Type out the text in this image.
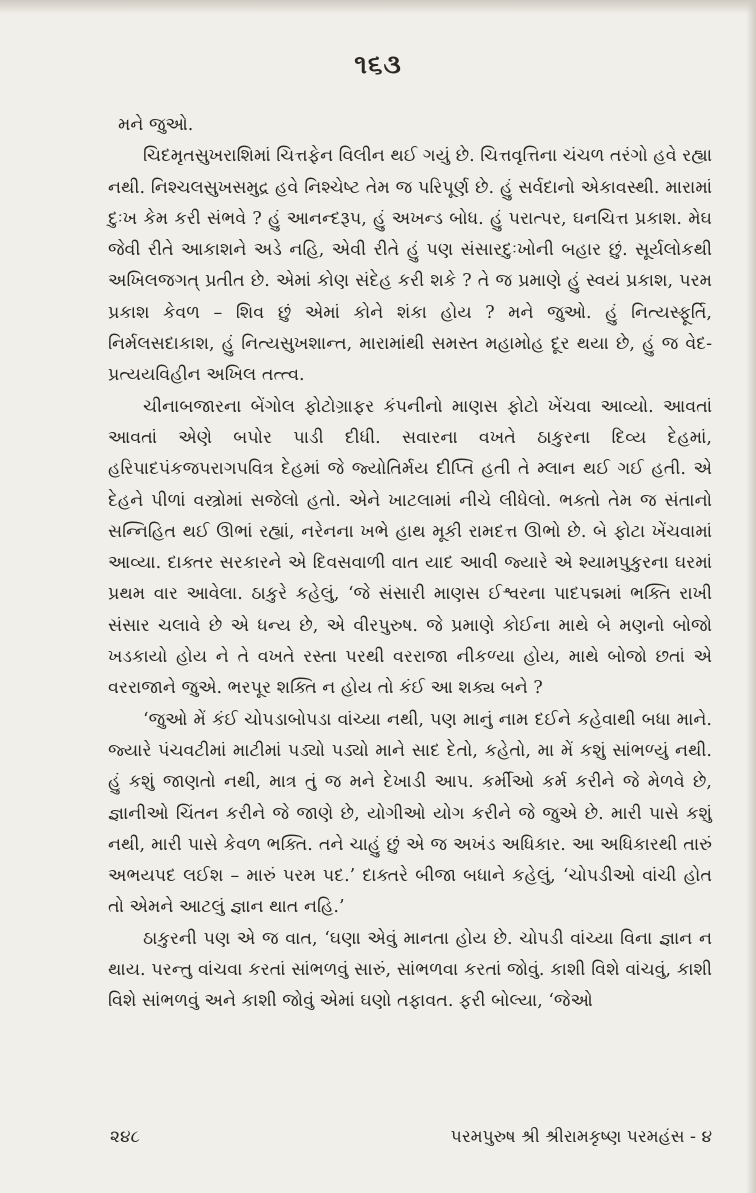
૧૬૩

મને જુઓ.

ચિદમૃતસુખરાશિમાં ચિત્તફેન વિલીન થઈ ગયું છે. ચિત્તવૃત્તિના ચંચળ તરંગો હવે રહ્યા નથી. નિશ્ચલસુખસમુદ્ર હવે નિશ્ચેષ્ટ તેમ જ પરિપૂર્ણ છે. હું સર્વદાનો એકાવસ્થી. મારામાં દુઃખ કેમ કરી સંભવે ? હું આનન્દરૂપ, હું અખન્ડ બોધ. હું પરાત્પર, ઘનચિત્ત પ્રકાશ. મેઘ જેવી રીતે આકાશને અડે નહિ, એવી રીતે હું પણ સંસારદુઃખોની બહાર છું. સૂર્યલોકથી અખિલજગત્ પ્રતીત છે. એમાં કોણ સંદેહ કરી શકે ? તે જ પ્રમાણે હું સ્વયં પ્રકાશ, પરમ પ્રકાશ કેવળ – શિવ છું એમાં કોને શંકા હોય ? મને જુઓ. હું નિત્યસ્ફૂર્તિ, નિર્મલસદાકાશ, હું નિત્યસુખશાન્ત, મારામાંથી સમસ્ત મહામોહ દૂર થયા છે, હું જ વેદ-પ્રત્યયવિહીન અખિલ તત્ત્વ.

ચીનાબજારના બેંગોલ ફોટોગ્રાફર કંપનીનો માણસ ફોટો ખેંચવા આવ્યો. આવતાં આવતાં એણે બપોર પાડી દીધી. સવારના વખતે ઠાકુરના દિવ્ય દેહમાં, હરિપાદપંકજપરાગપવિત્ર દેહમાં જે જ્યોતિર્મય દીપ્તિ હતી તે મ્લાન થઈ ગઈ હતી. એ દેહને પીળાં વસ્ત્રોમાં સજેલો હતો. એને ખાટલામાં નીચે લીધેલો. ભક્તો તેમ જ સંતાનો સન્નિહિત થઈ ઊભાં રહ્યાં, નરેનના ખભે હાથ મૂકી રામદત્ત ઊભો છે. બે ફોટા ખેંચવામાં આવ્યા. દાક્તર સરકારને એ દિવસવાળી વાત યાદ આવી જ્યારે એ શ્યામપુકુરના ઘરમાં પ્રથમ વાર આવેલા. ઠાકુરે કહેલું, ‘જે સંસારી માણસ ઈશ્વરના પાદપદ્મમાં ભક્તિ રાખી સંસાર ચલાવે છે એ ધન્ય છે, એ વીરપુરુષ. જે પ્રમાણે કોઈના માથે બે મણનો બોજો ખડકાયો હોય ને તે વખતે રસ્તા પરથી વરરાજા નીકળ્યા હોય, માથે બોજો છતાં એ વરરાજાને જુએ. ભરપૂર શક્તિ ન હોય તો કંઈ આ શક્ય બને ?

‘જુઓ મેં કંઈ ચોપડાબોપડા વાંચ્યા નથી, પણ માનું નામ દઈને કહેવાથી બધા માને. જ્યારે પંચવટીમાં માટીમાં પડ્યો પડ્યો માને સાદ દેતો, કહેતો, મા મેં કશું સાંભળ્યું નથી. હું કશું જાણતો નથી, માત્ર તું જ મને દેખાડી આપ. કર્મીઓ કર્મ કરીને જે મેળવે છે, જ્ઞાનીઓ ચિંતન કરીને જે જાણે છે, યોગીઓ યોગ કરીને જે જુએ છે. મારી પાસે કશું નથી, મારી પાસે કેવળ ભક્તિ. તને ચાહું છું એ જ અખંડ અધિકાર. આ અધિકારથી તારું અભયપદ લઈશ – મારું પરમ પદ.’ દાક્તરે બીજા બધાને કહેલું, ‘ચોપડીઓ વાંચી હોત તો એમને આટલું જ્ઞાન થાત નહિ.’

ઠાકુરની પણ એ જ વાત, ‘ઘણા એવું માનતા હોય છે. ચોપડી વાંચ્યા વિના જ્ઞાન ન થાય. પરન્તુ વાંચવા કરતાં સાંભળવું સારું, સાંભળવા કરતાં જોવું. કાશી વિશે વાંચવું, કાશી વિશે સાંભળવું અને કાશી જોવું એમાં ઘણો તફાવત. ફરી બોલ્યા, ‘જેઓ

૨૪૮	પરમપુરુષ શ્રી શ્રીરામકૃષ્ણ પરમહંસ - ૪
